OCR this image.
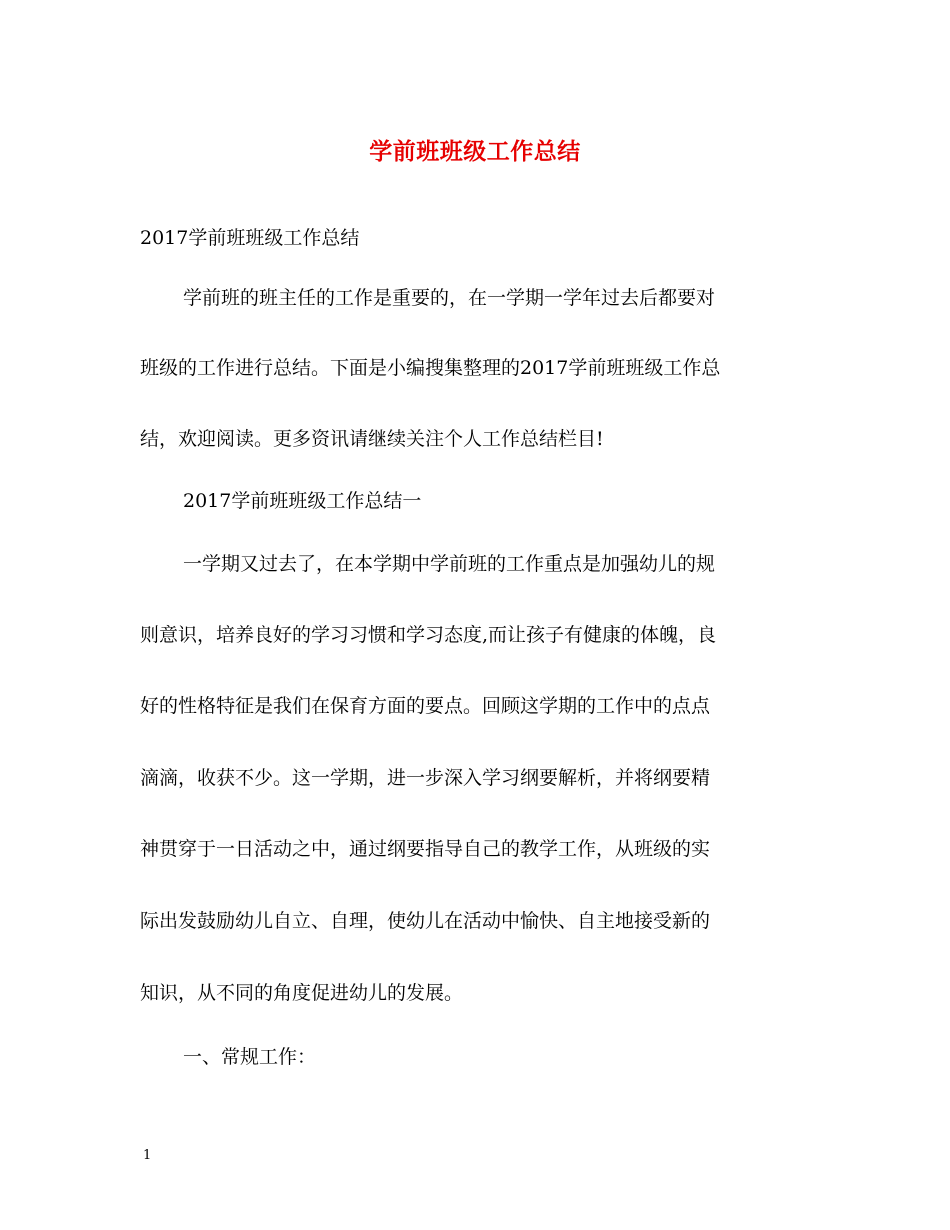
学前班班级工作总结
2017学前班班级工作总结
学前班的班主任的工作是重要的，在一学期一学年过去后都要对
班级的工作进行总结。下面是小编搜集整理的2017学前班班级工作总
结，欢迎阅读。更多资讯请继续关注个人工作总结栏目!
2017学前班班级工作总结一
一学期又过去了，在本学期中学前班的工作重点是加强幼儿的规
则意识，培养良好的学习习惯和学习态度,而让孩子有健康的体魄，良
好的性格特征是我们在保育方面的要点。回顾这学期的工作中的点点
滴滴，收获不少。这一学期，进一步深入学习纲要解析，并将纲要精
神贯穿于一日活动之中，通过纲要指导自己的教学工作，从班级的实
际出发鼓励幼儿自立、自理，使幼儿在活动中愉快、自主地接受新的
知识，从不同的角度促进幼儿的发展。
一、常规工作：
1
